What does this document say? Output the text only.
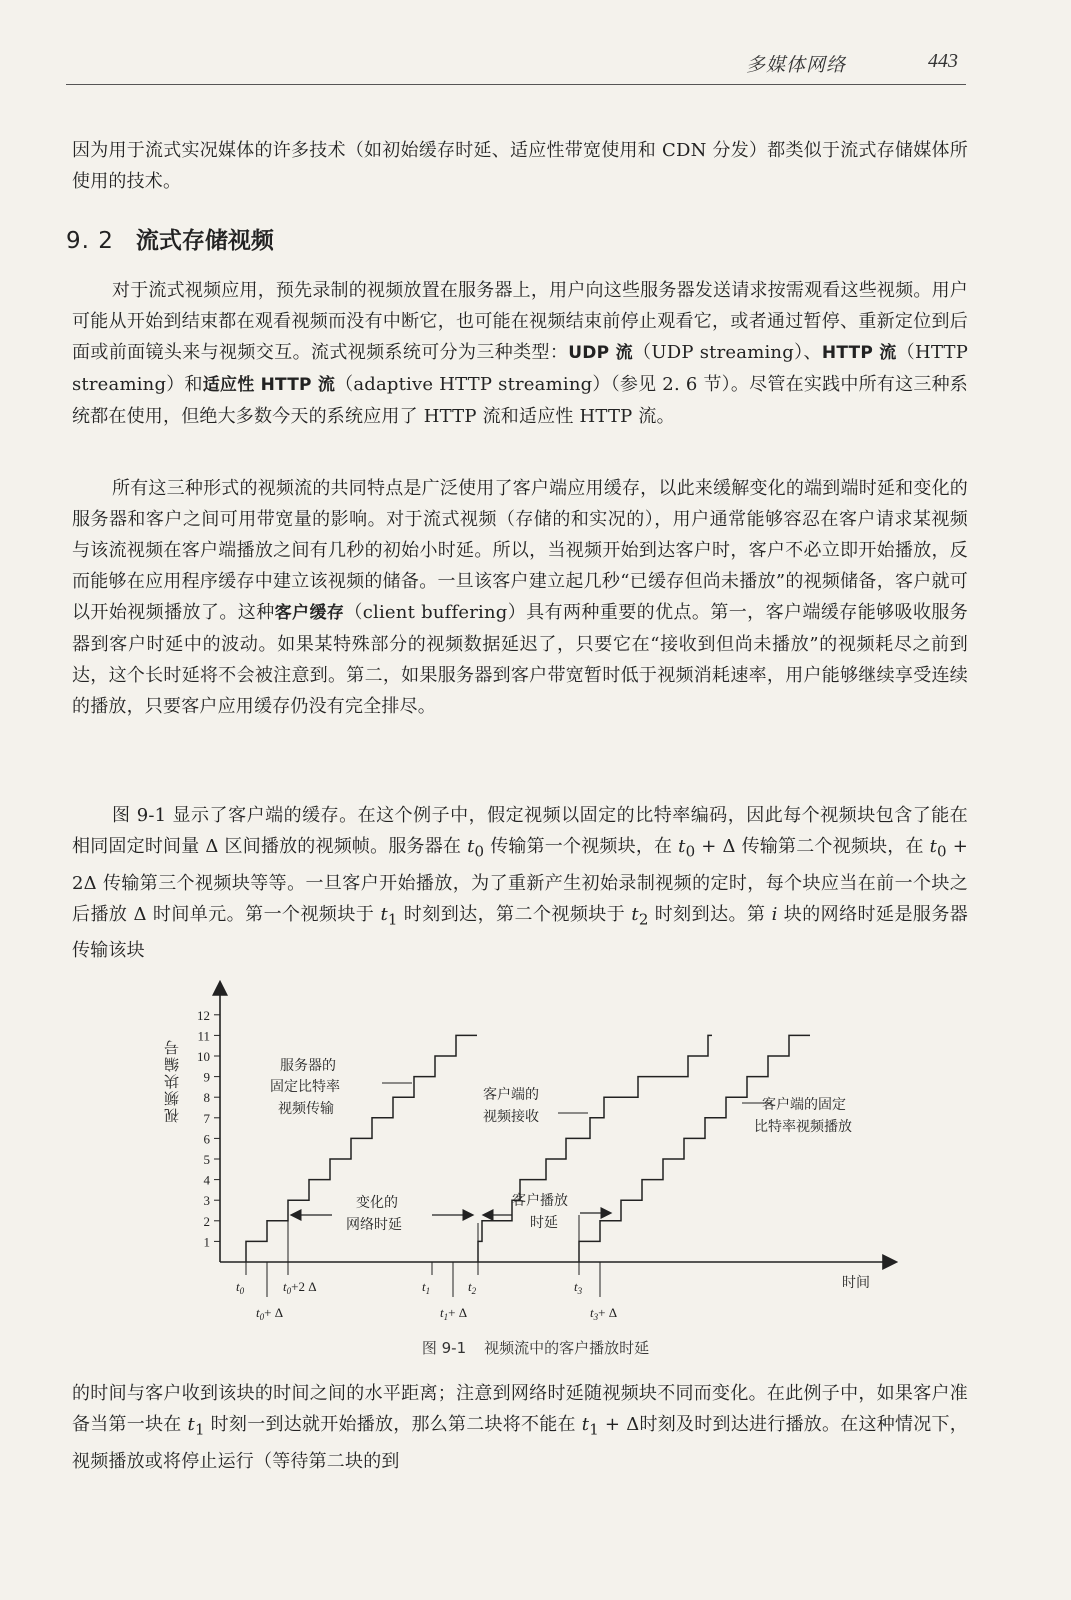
多媒体网络	443

因为用于流式实况媒体的许多技术（如初始缓存时延、适应性带宽使用和 CDN 分发）都类似于流式存储媒体所使用的技术。

9. 2 流式存储视频

对于流式视频应用，预先录制的视频放置在服务器上，用户向这些服务器发送请求按需观看这些视频。用户可能从开始到结束都在观看视频而没有中断它，也可能在视频结束前停止观看它，或者通过暂停、重新定位到后面或前面镜头来与视频交互。流式视频系统可分为三种类型：UDP 流（UDP streaming）、HTTP 流（HTTP streaming）和适应性 HTTP 流（adaptive HTTP streaming）（参见 2. 6 节）。尽管在实践中所有这三种系统都在使用，但绝大多数今天的系统应用了 HTTP 流和适应性 HTTP 流。

所有这三种形式的视频流的共同特点是广泛使用了客户端应用缓存，以此来缓解变化的端到端时延和变化的服务器和客户之间可用带宽量的影响。对于流式视频（存储的和实况的），用户通常能够容忍在客户请求某视频与该流视频在客户端播放之间有几秒的初始小时延。所以，当视频开始到达客户时，客户不必立即开始播放，反而能够在应用程序缓存中建立该视频的储备。一旦该客户建立起几秒“已缓存但尚未播放”的视频储备，客户就可以开始视频播放了。这种客户缓存（client buffering）具有两种重要的优点。第一，客户端缓存能够吸收服务器到客户时延中的波动。如果某特殊部分的视频数据延迟了，只要它在“接收到但尚未播放”的视频耗尽之前到达，这个长时延将不会被注意到。第二，如果服务器到客户带宽暂时低于视频消耗速率，用户能够继续享受连续的播放，只要客户应用缓存仍没有完全排尽。

图 9-1 显示了客户端的缓存。在这个例子中，假定视频以固定的比特率编码，因此每个视频块包含了能在相同固定时间量 Δ 区间播放的视频帧。服务器在 $t_0$ 传输第一个视频块，在 $t_0 + \Delta$ 传输第二个视频块，在 $t_0 + 2\Delta$ 传输第三个视频块等等。一旦客户开始播放，为了重新产生初始录制视频的定时，每个块应当在前一个块之后播放 Δ 时间单元。第一个视频块于 $t_1$ 时刻到达，第二个视频块于 $t_2$ 时刻到达。第 i 块的网络时延是服务器传输该块

视频块编号
1
2
3
4
5
6
7
8
9
10
11
12
服务器的
固定比特率
视频传输
客户端的
视频接收
客户端的固定
比特率视频播放
变化的
网络时延
客户播放
时延
时间
$t_0$	$t_0+2$ Δ
$t_0+ \Delta$
$t_1$	$t_2$
$t_1+ \Delta$
$t_3$
$t_3+ \Delta$
图 9-1 视频流中的客户播放时延

的时间与客户收到该块的时间之间的水平距离；注意到网络时延随视频块不同而变化。在此例子中，如果客户准备当第一块在 $t_1$ 时刻一到达就开始播放，那么第二块将不能在 $t_1 + \Delta$时刻及时到达进行播放。在这种情况下，视频播放或将停止运行（等待第二块的到
